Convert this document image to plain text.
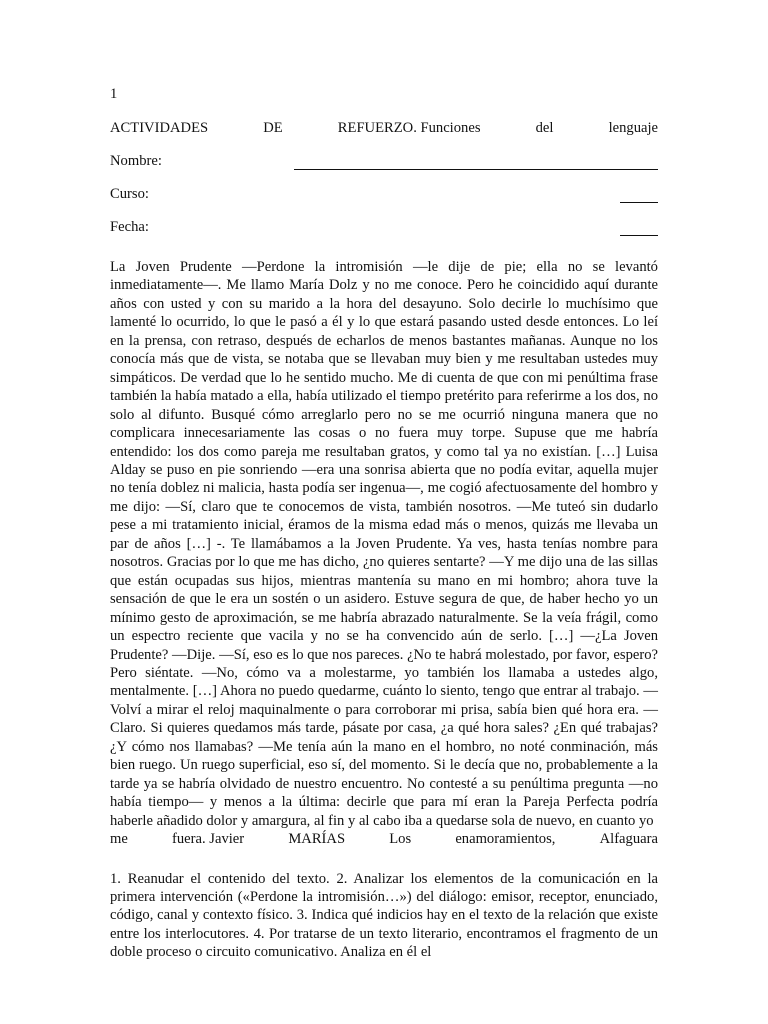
1
ACTIVIDADES	DE	REFUERZO. Funciones	del	lenguaje
Nombre:
Curso:
Fecha:
La Joven Prudente —Perdone la intromisión —le dije de pie; ella no se levantó inmediatamente—. Me llamo María Dolz y no me conoce. Pero he coincidido aquí durante años con usted y con su marido a la hora del desayuno. Solo decirle lo muchísimo que lamenté lo ocurrido, lo que le pasó a él y lo que estará pasando usted desde entonces. Lo leí en la prensa, con retraso, después de echarlos de menos bastantes mañanas. Aunque no los conocía más que de vista, se notaba que se llevaban muy bien y me resultaban ustedes muy simpáticos. De verdad que lo he sentido mucho. Me di cuenta de que con mi penúltima frase también la había matado a ella, había utilizado el tiempo pretérito para referirme a los dos, no solo al difunto. Busqué cómo arreglarlo pero no se me ocurrió ninguna manera que no complicara innecesariamente las cosas o no fuera muy torpe. Supuse que me habría entendido: los dos como pareja me resultaban gratos, y como tal ya no existían. […] Luisa Alday se puso en pie sonriendo —era una sonrisa abierta que no podía evitar, aquella mujer no tenía doblez ni malicia, hasta podía ser ingenua—, me cogió afectuosamente del hombro y me dijo: —Sí, claro que te conocemos de vista, también nosotros. —Me tuteó sin dudarlo pese a mi tratamiento inicial, éramos de la misma edad más o menos, quizás me llevaba un par de años […] -. Te llamábamos a la Joven Prudente. Ya ves, hasta tenías nombre para nosotros. Gracias por lo que me has dicho, ¿no quieres sentarte? —Y me dijo una de las sillas que están ocupadas sus hijos, mientras mantenía su mano en mi hombro; ahora tuve la sensación de que le era un sostén o un asidero. Estuve segura de que, de haber hecho yo un mínimo gesto de aproximación, se me habría abrazado naturalmente. Se la veía frágil, como un espectro reciente que vacila y no se ha convencido aún de serlo. […] —¿La Joven Prudente? —Dije. —Sí, eso es lo que nos pareces. ¿No te habrá molestado, por favor, espero? Pero siéntate. —No, cómo va a molestarme, yo también los llamaba a ustedes algo, mentalmente. […] Ahora no puedo quedarme, cuánto lo siento, tengo que entrar al trabajo. —Volví a mirar el reloj maquinalmente o para corroborar mi prisa, sabía bien qué hora era. —Claro. Si quieres quedamos más tarde, pásate por casa, ¿a qué hora sales? ¿En qué trabajas? ¿Y cómo nos llamabas? —Me tenía aún la mano en el hombro, no noté conminación, más bien ruego. Un ruego superficial, eso sí, del momento. Si le decía que no, probablemente a la tarde ya se habría olvidado de nuestro encuentro. No contesté a su penúltima pregunta —no había tiempo— y menos a la última: decirle que para mí eran la Pareja Perfecta podría haberle añadido dolor y amargura, al fin y al cabo iba a quedarse sola de nuevo, en cuanto yo
me	fuera. Javier	MARÍAS	Los	enamoramientos,	Alfaguara
1. Reanudar el contenido del texto. 2. Analizar los elementos de la comunicación en la primera intervención («Perdone la intromisión…») del diálogo: emisor, receptor, enunciado, código, canal y contexto físico. 3. Indica qué indicios hay en el texto de la relación que existe entre los interlocutores. 4. Por tratarse de un texto literario, encontramos el fragmento de un doble proceso o circuito comunicativo. Analiza en él el
